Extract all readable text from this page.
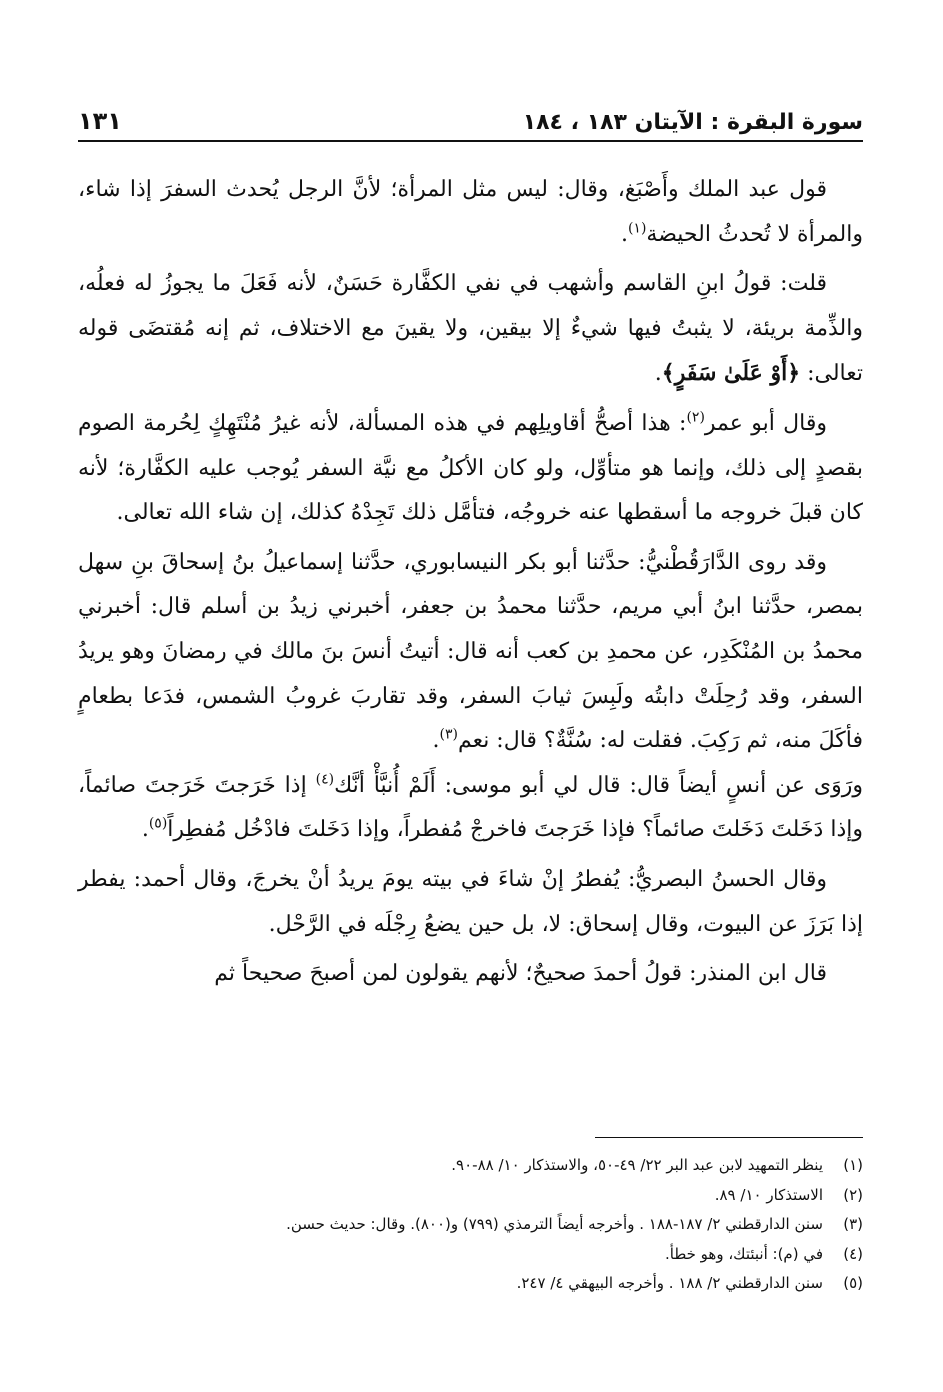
سورة البقرة : الآيتان ١٨٣ ، ١٨٤
١٣١

قول عبد الملك وأَصْبَغ، وقال: ليس مثل المرأة؛ لأنَّ الرجل يُحدث السفرَ إذا شاء، والمرأة لا تُحدثُ الحيضة$^{(١)}$.

قلت: قولُ ابنِ القاسم وأشهب في نفي الكفَّارة حَسَنٌ، لأنه فَعَلَ ما يجوزُ له فعلُه، والذِّمة بريئة، لا يثبتُ فيها شيءٌ إلا بيقين، ولا يقينَ مع الاختلاف، ثم إنه مُقتضَى قوله تعالى: ﴿أَوْ عَلَىٰ سَفَرٍ﴾.

وقال أبو عمر$^{(٢)}$: هذا أصحُّ أقاويلِهم في هذه المسألة، لأنه غيرُ مُنْتَهِكٍ لِحُرمة الصوم بقصدٍ إلى ذلك، وإنما هو متأوِّل، ولو كان الأكلُ مع نيَّة السفر يُوجب عليه الكفَّارة؛ لأنه كان قبلَ خروجه ما أسقطها عنه خروجُه، فتأمَّل ذلك تَجِدْهُ كذلك، إن شاء الله تعالى.

وقد روى الدَّارَقُطْنيُّ: حدَّثنا أبو بكر النيسابوري، حدَّثنا إسماعيلُ بنُ إسحاقَ بنِ سهل بمصر، حدَّثنا ابنُ أبي مريم، حدَّثنا محمدُ بن جعفر، أخبرني زيدُ بن أسلم قال: أخبرني محمدُ بن المُنْكَدِر، عن محمدِ بن كعب أنه قال: أتيتُ أنسَ بنَ مالك في رمضانَ وهو يريدُ السفر، وقد رُحِلَتْ دابتُه ولَبِسَ ثيابَ السفر، وقد تقاربَ غروبُ الشمس، فدَعا بطعامٍ فأكَلَ منه، ثم رَكِبَ. فقلت له: سُنَّةٌ؟ قال: نعم$^{(٣)}$.

ورَوَى عن أنسٍ أيضاً قال: قال لي أبو موسى: أَلَمْ أُنبَّأْ أنَّك$^{(٤)}$ إذا خَرَجتَ خَرَجتَ صائماً، وإذا دَخَلتَ دَخَلتَ صائماً؟ فإذا خَرَجتَ فاخرجْ مُفطراً، وإذا دَخَلتَ فادْخُل مُفطِراً$^{(٥)}$.

وقال الحسنُ البصريُّ: يُفطرُ إنْ شاءَ في بيته يومَ يريدُ أنْ يخرجَ، وقال أحمد: يفطر إذا بَرَزَ عن البيوت، وقال إسحاق: لا، بل حين يضعُ رِجْلَه في الرَّحْل.

قال ابن المنذر: قولُ أحمدَ صحيحٌ؛ لأنهم يقولون لمن أصبحَ صحيحاً ثم

(١)
ينظر التمهيد لابن عبد البر ٢٢/ ٤٩-٥٠، والاستذكار ١٠/ ٨٨-٩٠.
(٢)
الاستذكار ١٠/ ٨٩.
(٣)
سنن الدارقطني ٢/ ١٨٧-١٨٨ . وأخرجه أيضاً الترمذي (٧٩٩) و(٨٠٠). وقال: حديث حسن.
(٤)
في (م): أنبئتك، وهو خطأ.
(٥)
سنن الدارقطني ٢/ ١٨٨ . وأخرجه البيهقي ٤/ ٢٤٧.
